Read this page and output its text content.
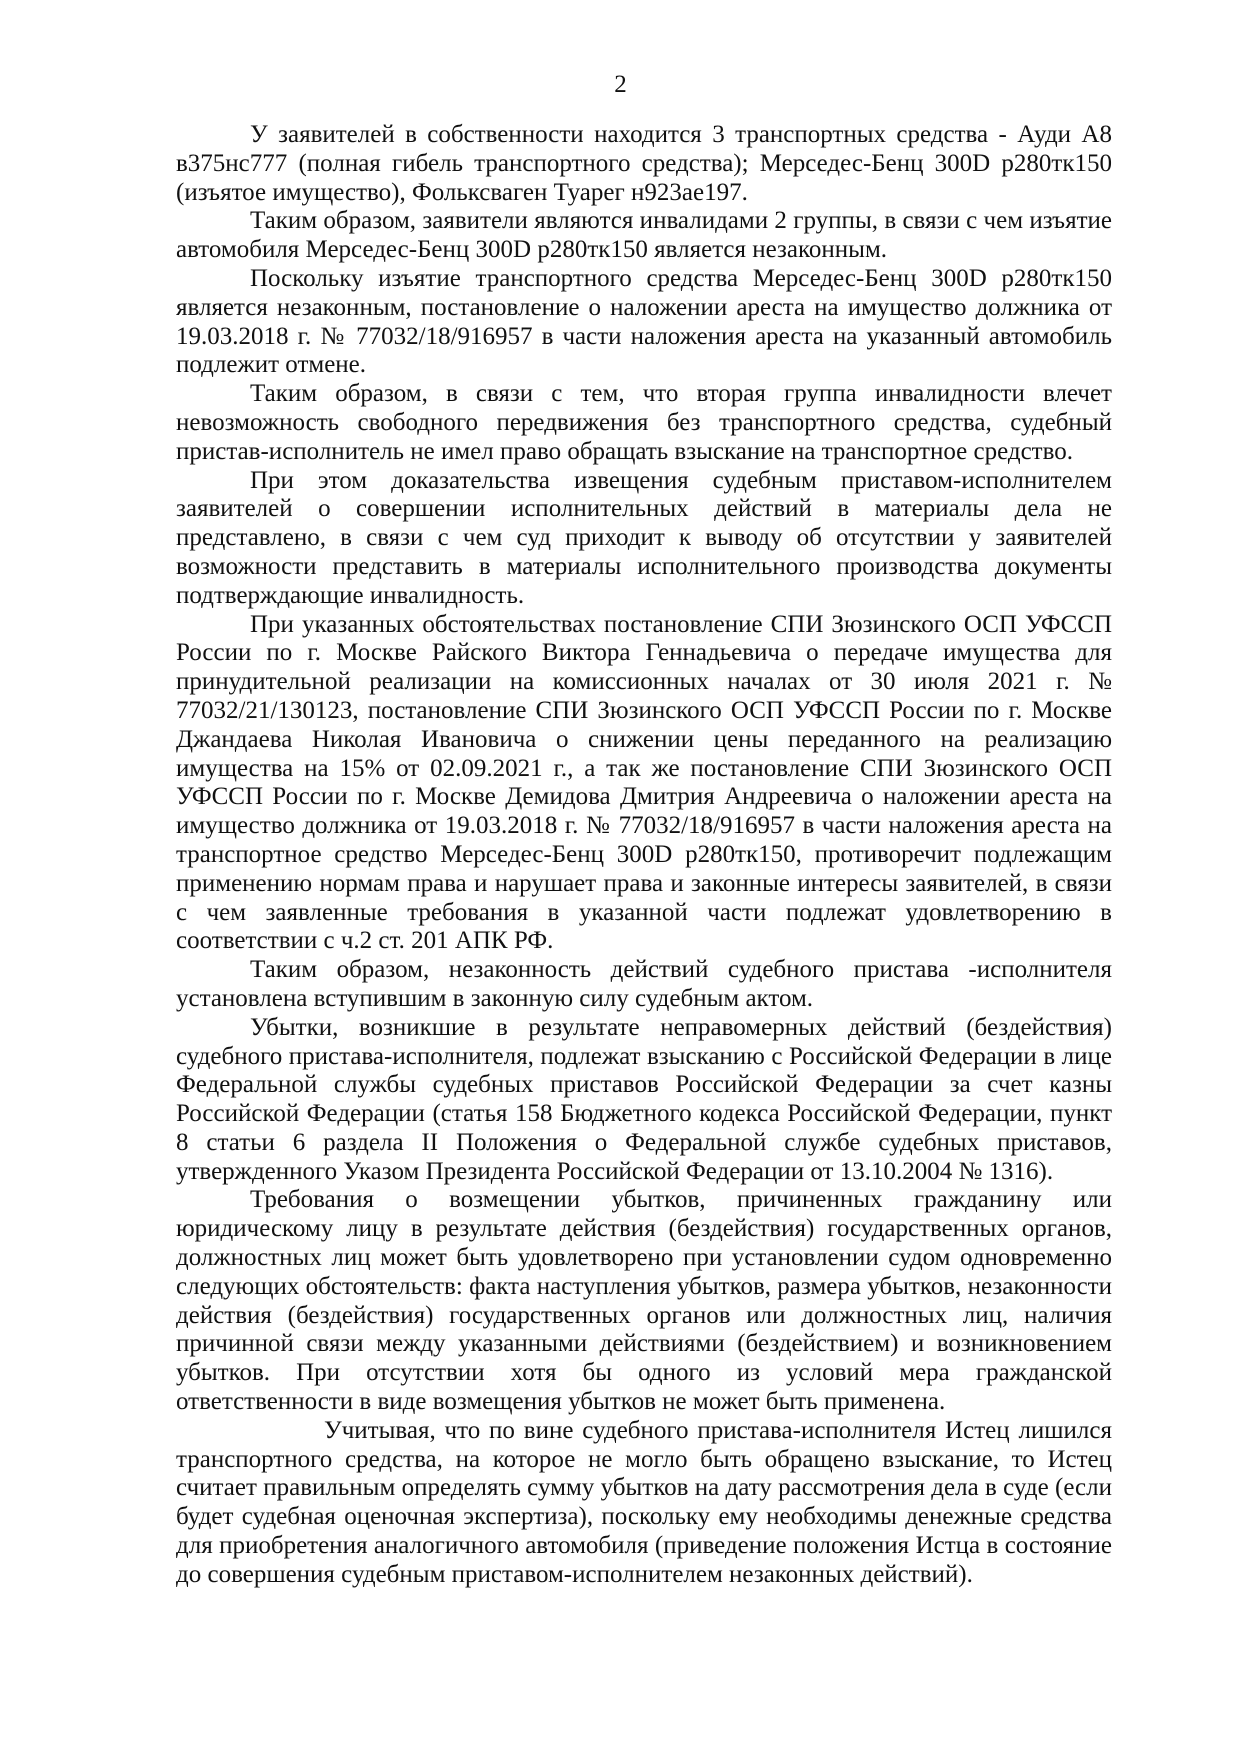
2

У заявителей в собственности находится 3 транспортных средства - Ауди А8 в375нс777 (полная гибель транспортного средства); Мерседес-Бенц 300D р280тк150 (изъятое имущество), Фольксваген Туарег н923ае197.

Таким образом, заявители являются инвалидами 2 группы, в связи с чем изъятие автомобиля Мерседес-Бенц 300D р280тк150 является незаконным.

Поскольку изъятие транспортного средства Мерседес-Бенц 300D р280тк150 является незаконным, постановление о наложении ареста на имущество должника от 19.03.2018 г. № 77032/18/916957 в части наложения ареста на указанный автомобиль подлежит отмене.

Таким образом, в связи с тем, что вторая группа инвалидности влечет невозможность свободного передвижения без транспортного средства, судебный пристав-исполнитель не имел право обращать взыскание на транспортное средство.

При этом доказательства извещения судебным приставом-исполнителем заявителей о совершении исполнительных действий в материалы дела не представлено, в связи с чем суд приходит к выводу об отсутствии у заявителей возможности представить в материалы исполнительного производства документы подтверждающие инвалидность.

При указанных обстоятельствах постановление СПИ Зюзинского ОСП УФССП России по г. Москве Райского Виктора Геннадьевича о передаче имущества для принудительной реализации на комиссионных началах от 30 июля 2021 г. № 77032/21/130123, постановление СПИ Зюзинского ОСП УФССП России по г. Москве Джандаева Николая Ивановича о снижении цены переданного на реализацию имущества на 15% от 02.09.2021 г., а так же постановление СПИ Зюзинского ОСП УФССП России по г. Москве Демидова Дмитрия Андреевича о наложении ареста на имущество должника от 19.03.2018 г. № 77032/18/916957 в части наложения ареста на транспортное средство Мерседес-Бенц 300D р280тк150, противоречит подлежащим применению нормам права и нарушает права и законные интересы заявителей, в связи с чем заявленные требования в указанной части подлежат удовлетворению в соответствии с ч.2 ст. 201 АПК РФ.

Таким образом, незаконность действий судебного пристава -исполнителя установлена вступившим в законную силу судебным актом.

Убытки, возникшие в результате неправомерных действий (бездействия) судебного пристава-исполнителя, подлежат взысканию с Российской Федерации в лице Федеральной службы судебных приставов Российской Федерации за счет казны Российской Федерации (статья 158 Бюджетного кодекса Российской Федерации, пункт 8 статьи 6 раздела II Положения о Федеральной службе судебных приставов, утвержденного Указом Президента Российской Федерации от 13.10.2004 № 1316).

Требования о возмещении убытков, причиненных гражданину или юридическому лицу в результате действия (бездействия) государственных органов, должностных лиц может быть удовлетворено при установлении судом одновременно следующих обстоятельств: факта наступления убытков, размера убытков, незаконности действия (бездействия) государственных органов или должностных лиц, наличия причинной связи между указанными действиями (бездействием) и возникновением убытков. При отсутствии хотя бы одного из условий мера гражданской ответственности в виде возмещения убытков не может быть применена.

Учитывая, что по вине судебного пристава-исполнителя Истец лишился транспортного средства, на которое не могло быть обращено взыскание, то Истец считает правильным определять сумму убытков на дату рассмотрения дела в суде (если будет судебная оценочная экспертиза), поскольку ему необходимы денежные средства для приобретения аналогичного автомобиля (приведение положения Истца в состояние до совершения судебным приставом-исполнителем незаконных действий).
